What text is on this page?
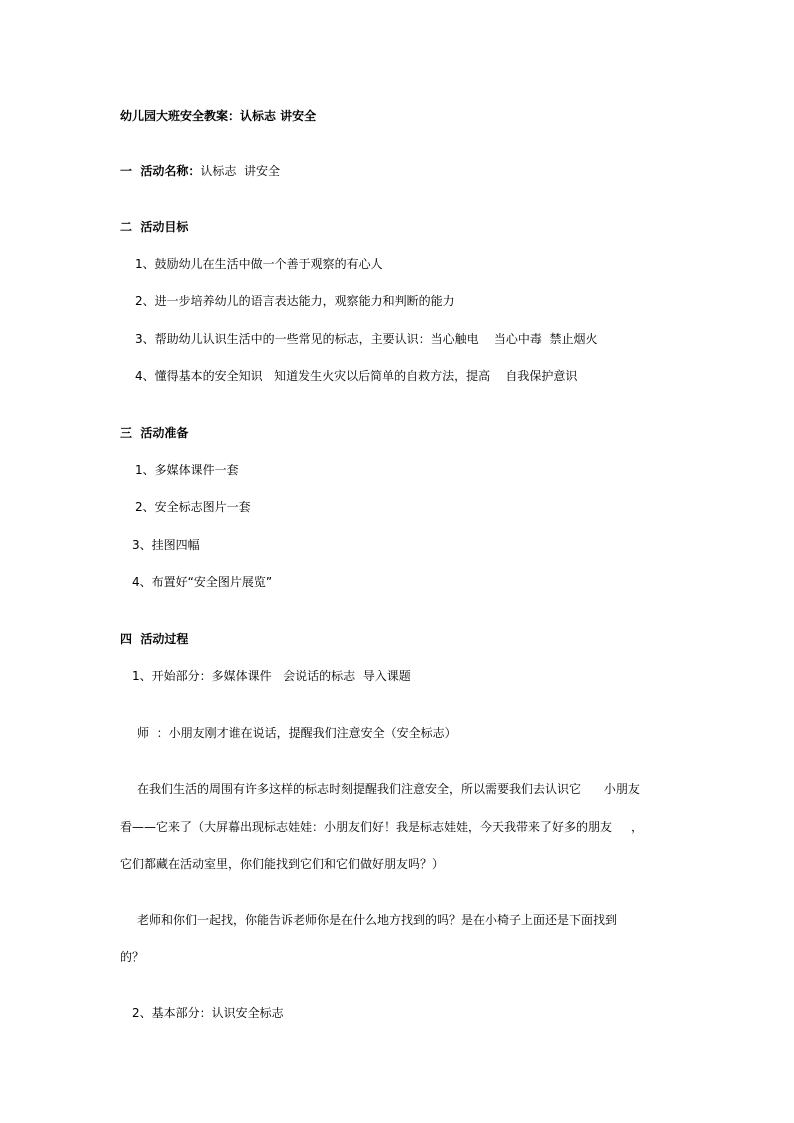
幼儿园大班安全教案：认标志 讲安全
一  活动名称：认标志  讲安全
二  活动目标
1、鼓励幼儿在生活中做一个善于观察的有心人
2、进一步培养幼儿的语言表达能力，观察能力和判断的能力
3、帮助幼儿认识生活中的一些常见的标志，主要认识：当心触电    当心中毒  禁止烟火
4、懂得基本的安全知识   知道发生火灾以后简单的自救方法，提高    自我保护意识
三  活动准备
1、多媒体课件一套
2、安全标志图片一套
3、挂图四幅
4、布置好“安全图片展览”
四  活动过程
1、开始部分：多媒体课件   会说话的标志  导入课题
师  ：小朋友刚才谁在说话，提醒我们注意安全（安全标志）
在我们生活的周围有许多这样的标志时刻提醒我们注意安全，所以需要我们去认识它      小朋友
看——它来了（大屏幕出现标志娃娃：小朋友们好！我是标志娃娃，今天我带来了好多的朋友     ，
它们都藏在活动室里，你们能找到它们和它们做好朋友吗？）
老师和你们一起找，你能告诉老师你是在什么地方找到的吗？是在小椅子上面还是下面找到
的？
2、基本部分：认识安全标志
